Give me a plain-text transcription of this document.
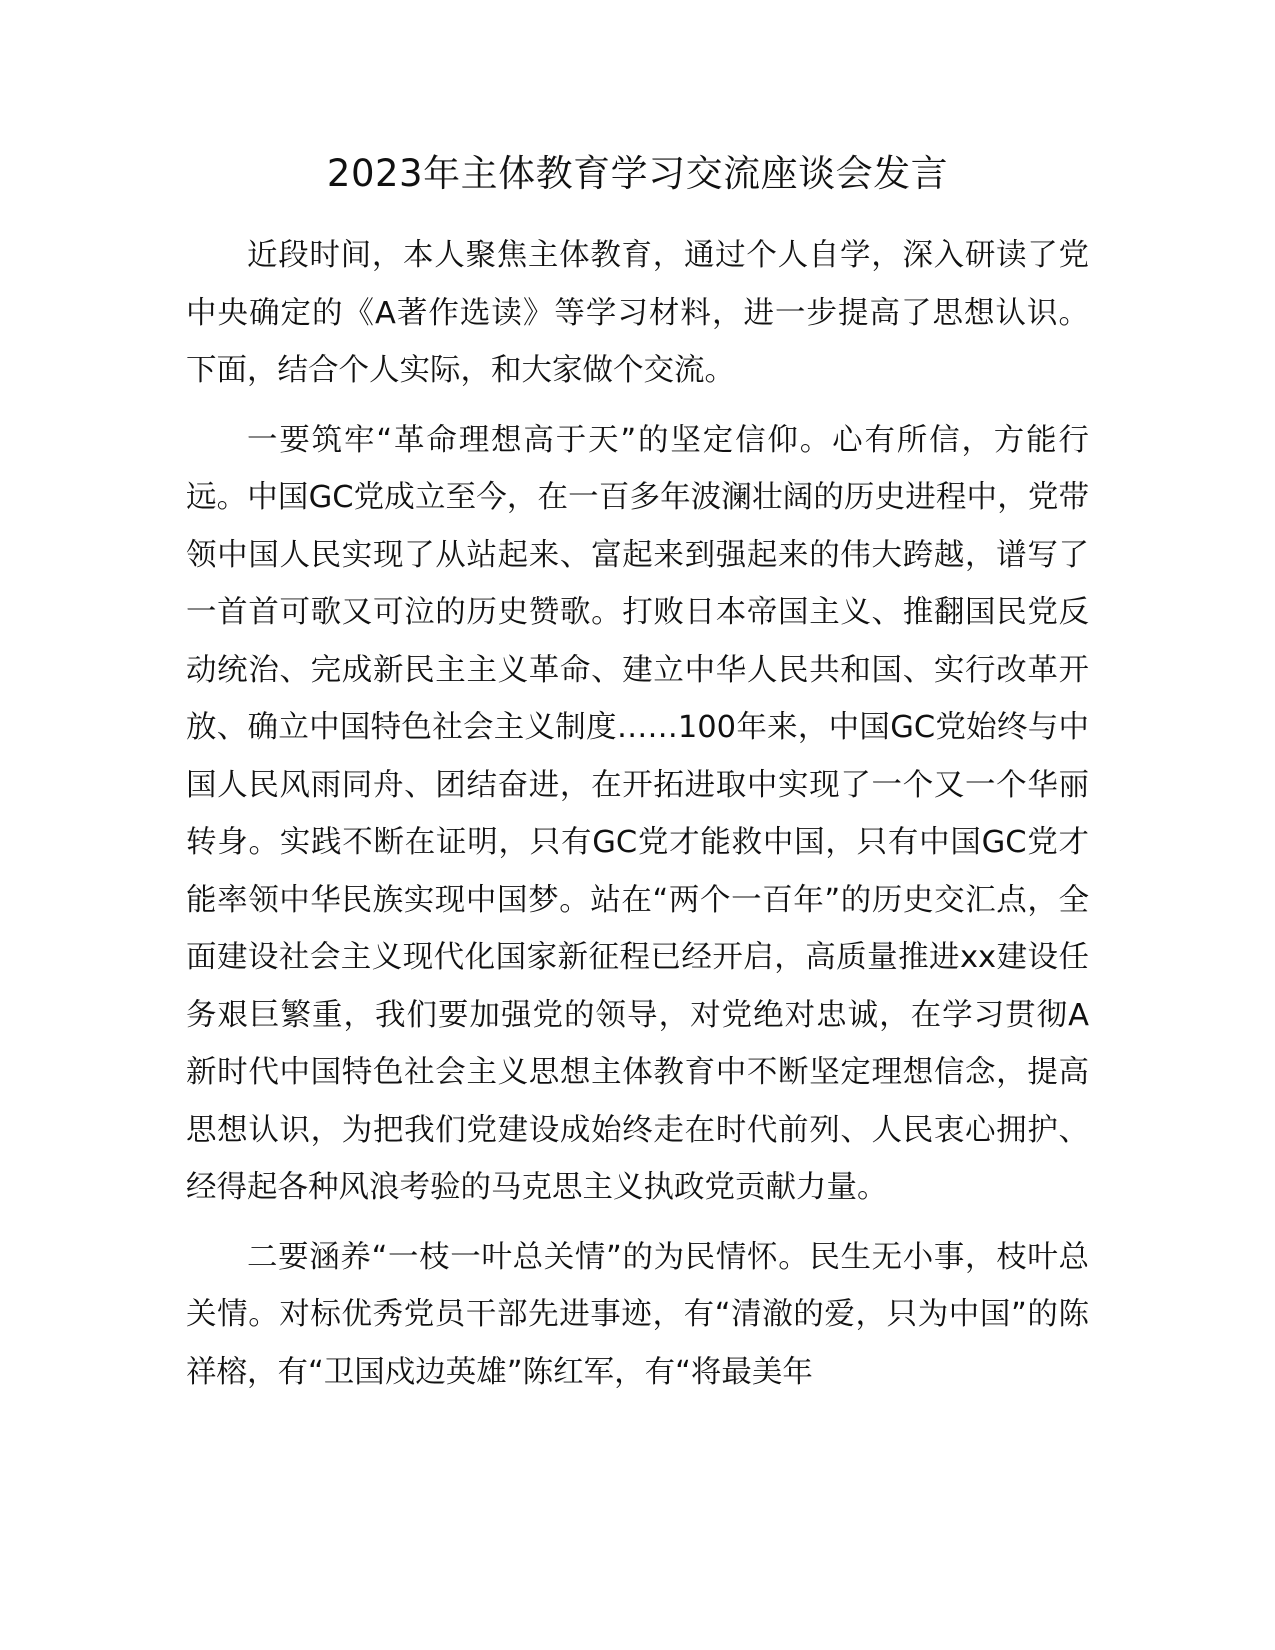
2023年主体教育学习交流座谈会发言

近段时间，本人聚焦主体教育，通过个人自学，深入研读了党中央确定的《A著作选读》等学习材料，进一步提高了思想认识。下面，结合个人实际，和大家做个交流。

一要筑牢“革命理想高于天”的坚定信仰。心有所信，方能行远。中国GC党成立至今，在一百多年波澜壮阔的历史进程中，党带领中国人民实现了从站起来、富起来到强起来的伟大跨越，谱写了一首首可歌又可泣的历史赞歌。打败日本帝国主义、推翻国民党反动统治、完成新民主主义革命、建立中华人民共和国、实行改革开放、确立中国特色社会主义制度……100年来，中国GC党始终与中国人民风雨同舟、团结奋进，在开拓进取中实现了一个又一个华丽转身。实践不断在证明，只有GC党才能救中国，只有中国GC党才能率领中华民族实现中国梦。站在“两个一百年”的历史交汇点，全面建设社会主义现代化国家新征程已经开启，高质量推进xx建设任务艰巨繁重，我们要加强党的领导，对党绝对忠诚，在学习贯彻A新时代中国特色社会主义思想主体教育中不断坚定理想信念，提高思想认识，为把我们党建设成始终走在时代前列、人民衷心拥护、经得起各种风浪考验的马克思主义执政党贡献力量。

二要涵养“一枝一叶总关情”的为民情怀。民生无小事，枝叶总关情。对标优秀党员干部先进事迹，有“清澈的爱，只为中国”的陈祥榕，有“卫国戍边英雄”陈红军，有“将最美年
